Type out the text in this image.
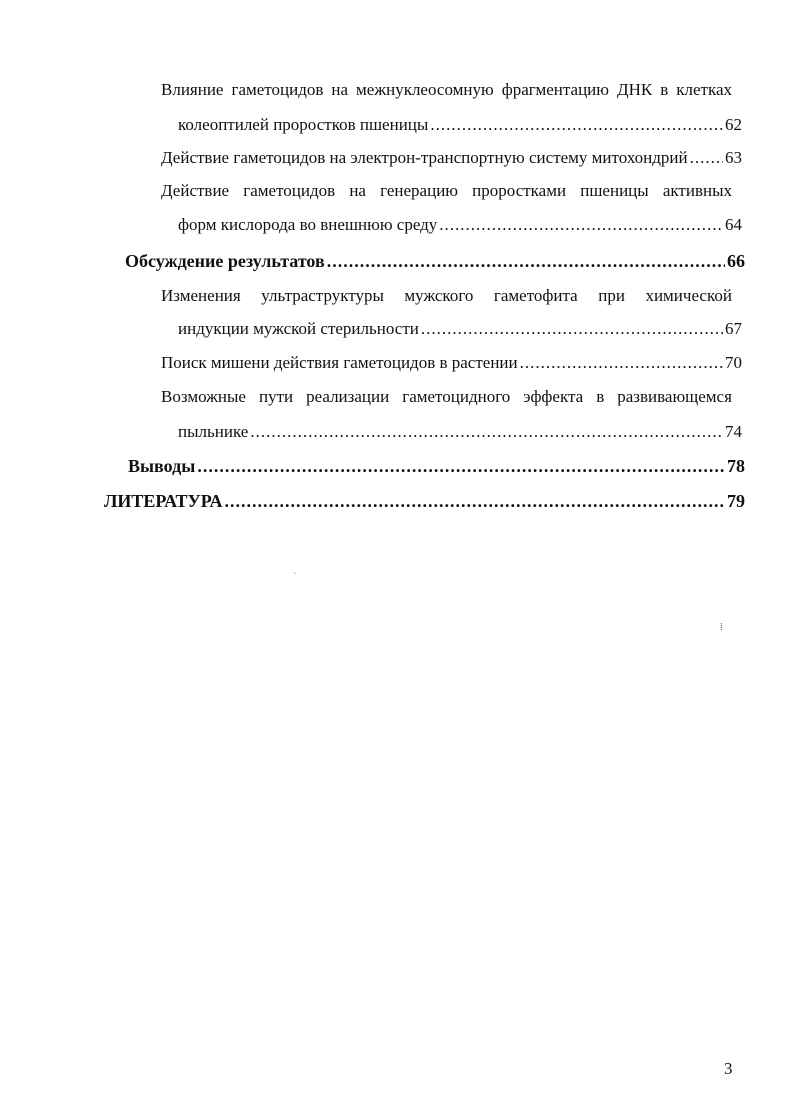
Влияние гаметоцидов на межнуклеосомную фрагментацию ДНК в клетках
колеоптилей проростков пшеницы .....	62
Действие гаметоцидов на электрон-транспортную систему митохондрий ..... 63
Действие гаметоцидов на генерацию проростками пшеницы активных
форм кислорода во внешнюю среду .....	64
Обсуждение результатов .....	66
Изменения ультраструктуры мужского гаметофита при химической
индукции мужской стерильности .....	67
Поиск мишени действия гаметоцидов в растении .....	70
Возможные пути реализации гаметоцидного эффекта в развивающемся
пыльнике .....	74
Выводы .....	78
ЛИТЕРАТУРА .....	79
`
⁞
3
